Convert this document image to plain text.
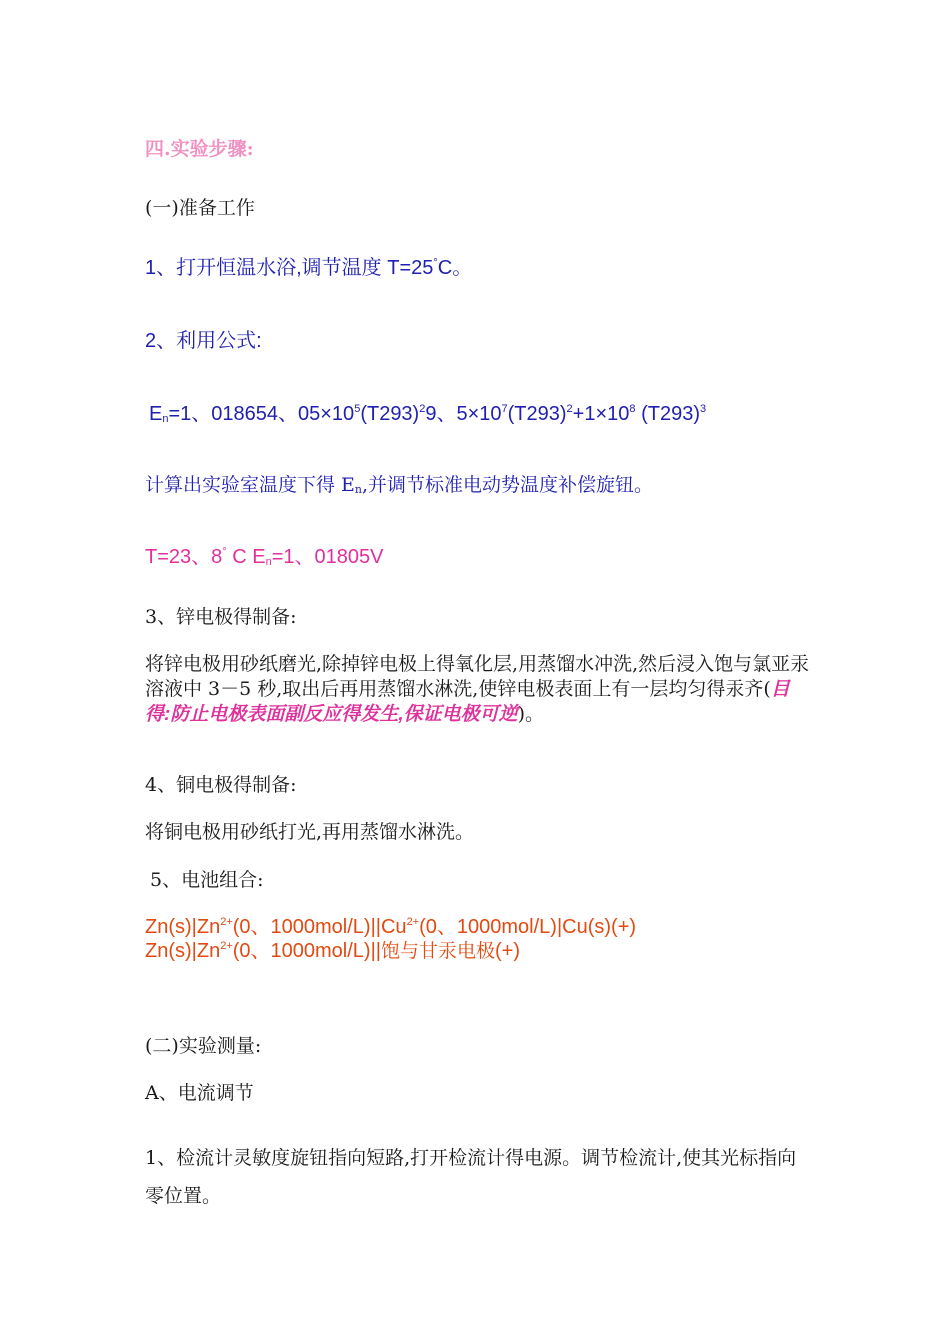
四.实验步骤:
(一)准备工作
1、打开恒温水浴,调节温度 T=25°C。
2、利用公式:
$E_n=1$、018654、$05\times 10^5(T293)^29$、$5\times 10^7(T293)^2+1\times 10^8$ $(T293)^3$
计算出实验室温度下得 $E_n$,并调节标准电动势温度补偿旋钮。
T=23、8° C $E_n=1$、01805V
3、锌电极得制备:
将锌电极用砂纸磨光,除掉锌电极上得氧化层,用蒸馏水冲洗,然后浸入饱与氯亚汞溶液中 3－5 秒,取出后再用蒸馏水淋洗,使锌电极表面上有一层均匀得汞齐(目得:防止电极表面副反应得发生,保证电极可逆)。
4、铜电极得制备:
将铜电极用砂纸打光,再用蒸馏水淋洗。
5、电池组合:
$Zn(s)|Zn^{2+}(0$、$1000mol/L)||Cu^{2+}(0$、1000mol/L)|Cu(s)(+)
$Zn(s)|Zn^{2+}(0$、1000mol/L)||饱与甘汞电极(+)
(二)实验测量:
A、电流调节
1、检流计灵敏度旋钮指向短路,打开检流计得电源。调节检流计,使其光标指向零位置。
